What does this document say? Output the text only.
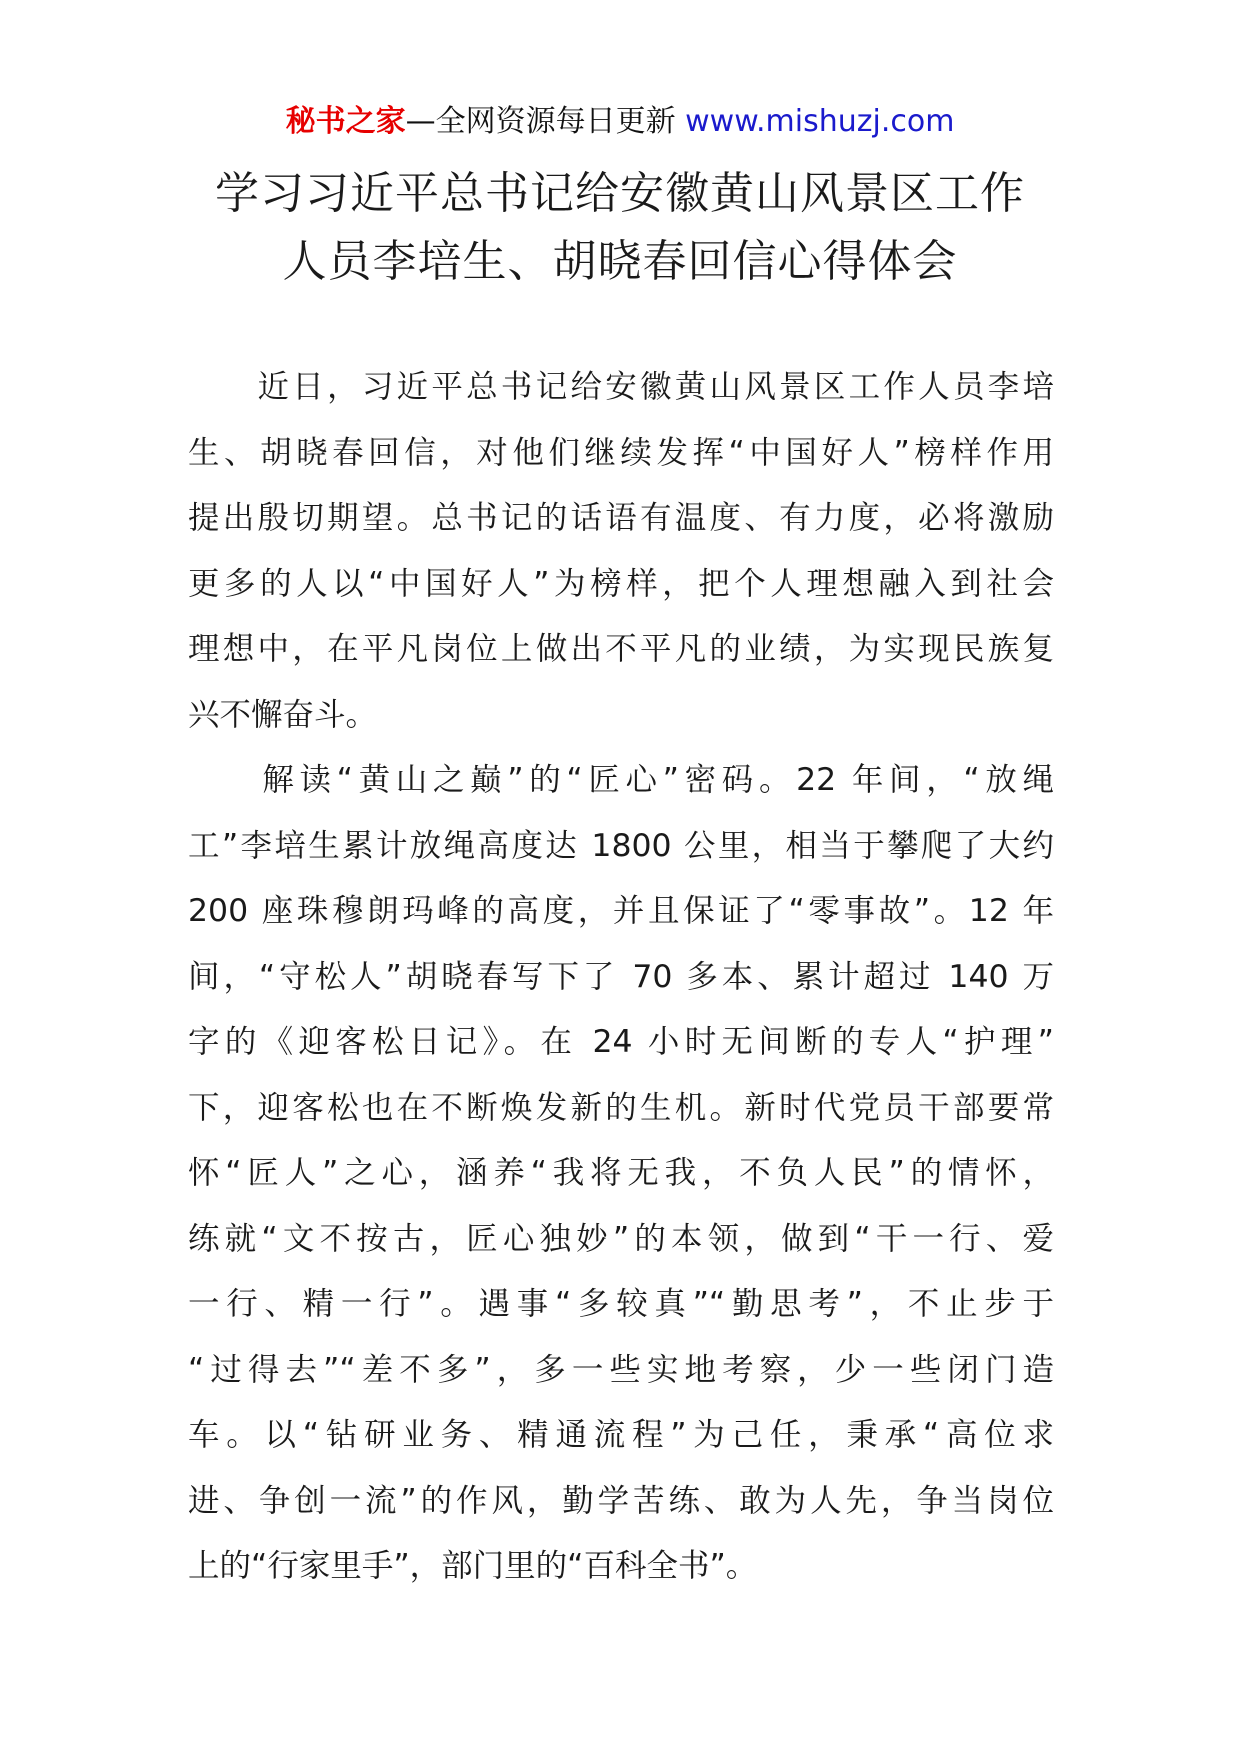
秘书之家—全网资源每日更新 www.mishuzj.com
学习习近平总书记给安徽黄山风景区工作
人员李培生、胡晓春回信心得体会

　　近日，习近平总书记给安徽黄山风景区工作人员李培
生、胡晓春回信，对他们继续发挥“中国好人”榜样作用
提出殷切期望。总书记的话语有温度、有力度，必将激励
更多的人以“中国好人”为榜样，把个人理想融入到社会
理想中，在平凡岗位上做出不平凡的业绩，为实现民族复
兴不懈奋斗。

　　解读“黄山之巅”的“匠心”密码。22 年间，“放绳
工”李培生累计放绳高度达 1800 公里，相当于攀爬了大约
200 座珠穆朗玛峰的高度，并且保证了“零事故”。12 年
间，“守松人”胡晓春写下了 70 多本、累计超过 140 万
字的《迎客松日记》。在 24 小时无间断的专人“护理”
下，迎客松也在不断焕发新的生机。新时代党员干部要常
怀“匠人”之心，涵养“我将无我，不负人民”的情怀，
练就“文不按古，匠心独妙”的本领，做到“干一行、爱
一行、精一行”。遇事“多较真”“勤思考”，不止步于
“过得去”“差不多”，多一些实地考察，少一些闭门造
车。以“钻研业务、精通流程”为己任，秉承“高位求
进、争创一流”的作风，勤学苦练、敢为人先，争当岗位
上的“行家里手”，部门里的“百科全书”。
